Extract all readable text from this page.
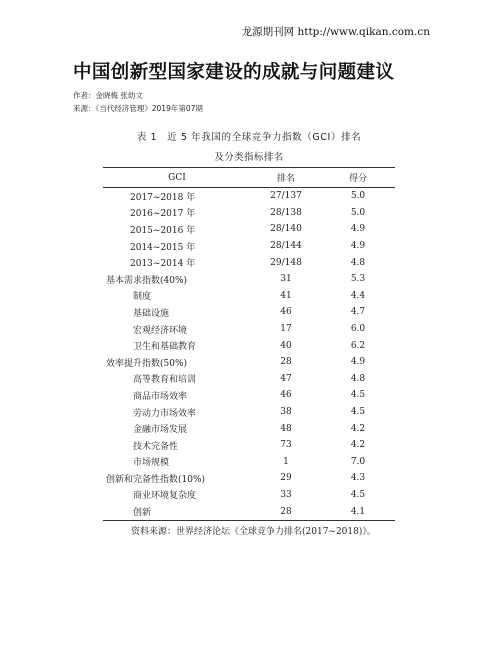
龙源期刊网 http://www.qikan.com.cn
中国创新型国家建设的成就与问题建议
作者：金晓梅 张幼文
来源：《当代经济管理》2019年第07期
表 1　近 5 年我国的全球竞争力指数（GCI）排名
及分类指标排名
GCI	排名	得分
2017~2018 年	27/137	5.0
2016~2017 年	28/138	5.0
2015~2016 年	28/140	4.9
2014~2015 年	28/144	4.9
2013~2014 年	29/148	4.8
基本需求指数(40%)	31	5.3
制度	41	4.4
基础设施	46	4.7
宏观经济环境	17	6.0
卫生和基础教育	40	6.2
效率提升指数(50%)	28	4.9
高等教育和培训	47	4.8
商品市场效率	46	4.5
劳动力市场效率	38	4.5
金融市场发展	48	4.2
技术完备性	73	4.2
市场规模	1	7.0
创新和完备性指数(10%)	29	4.3
商业环境复杂度	33	4.5
创新	28	4.1
资料来源：世界经济论坛《全球竞争力排名(2017~2018)》。
